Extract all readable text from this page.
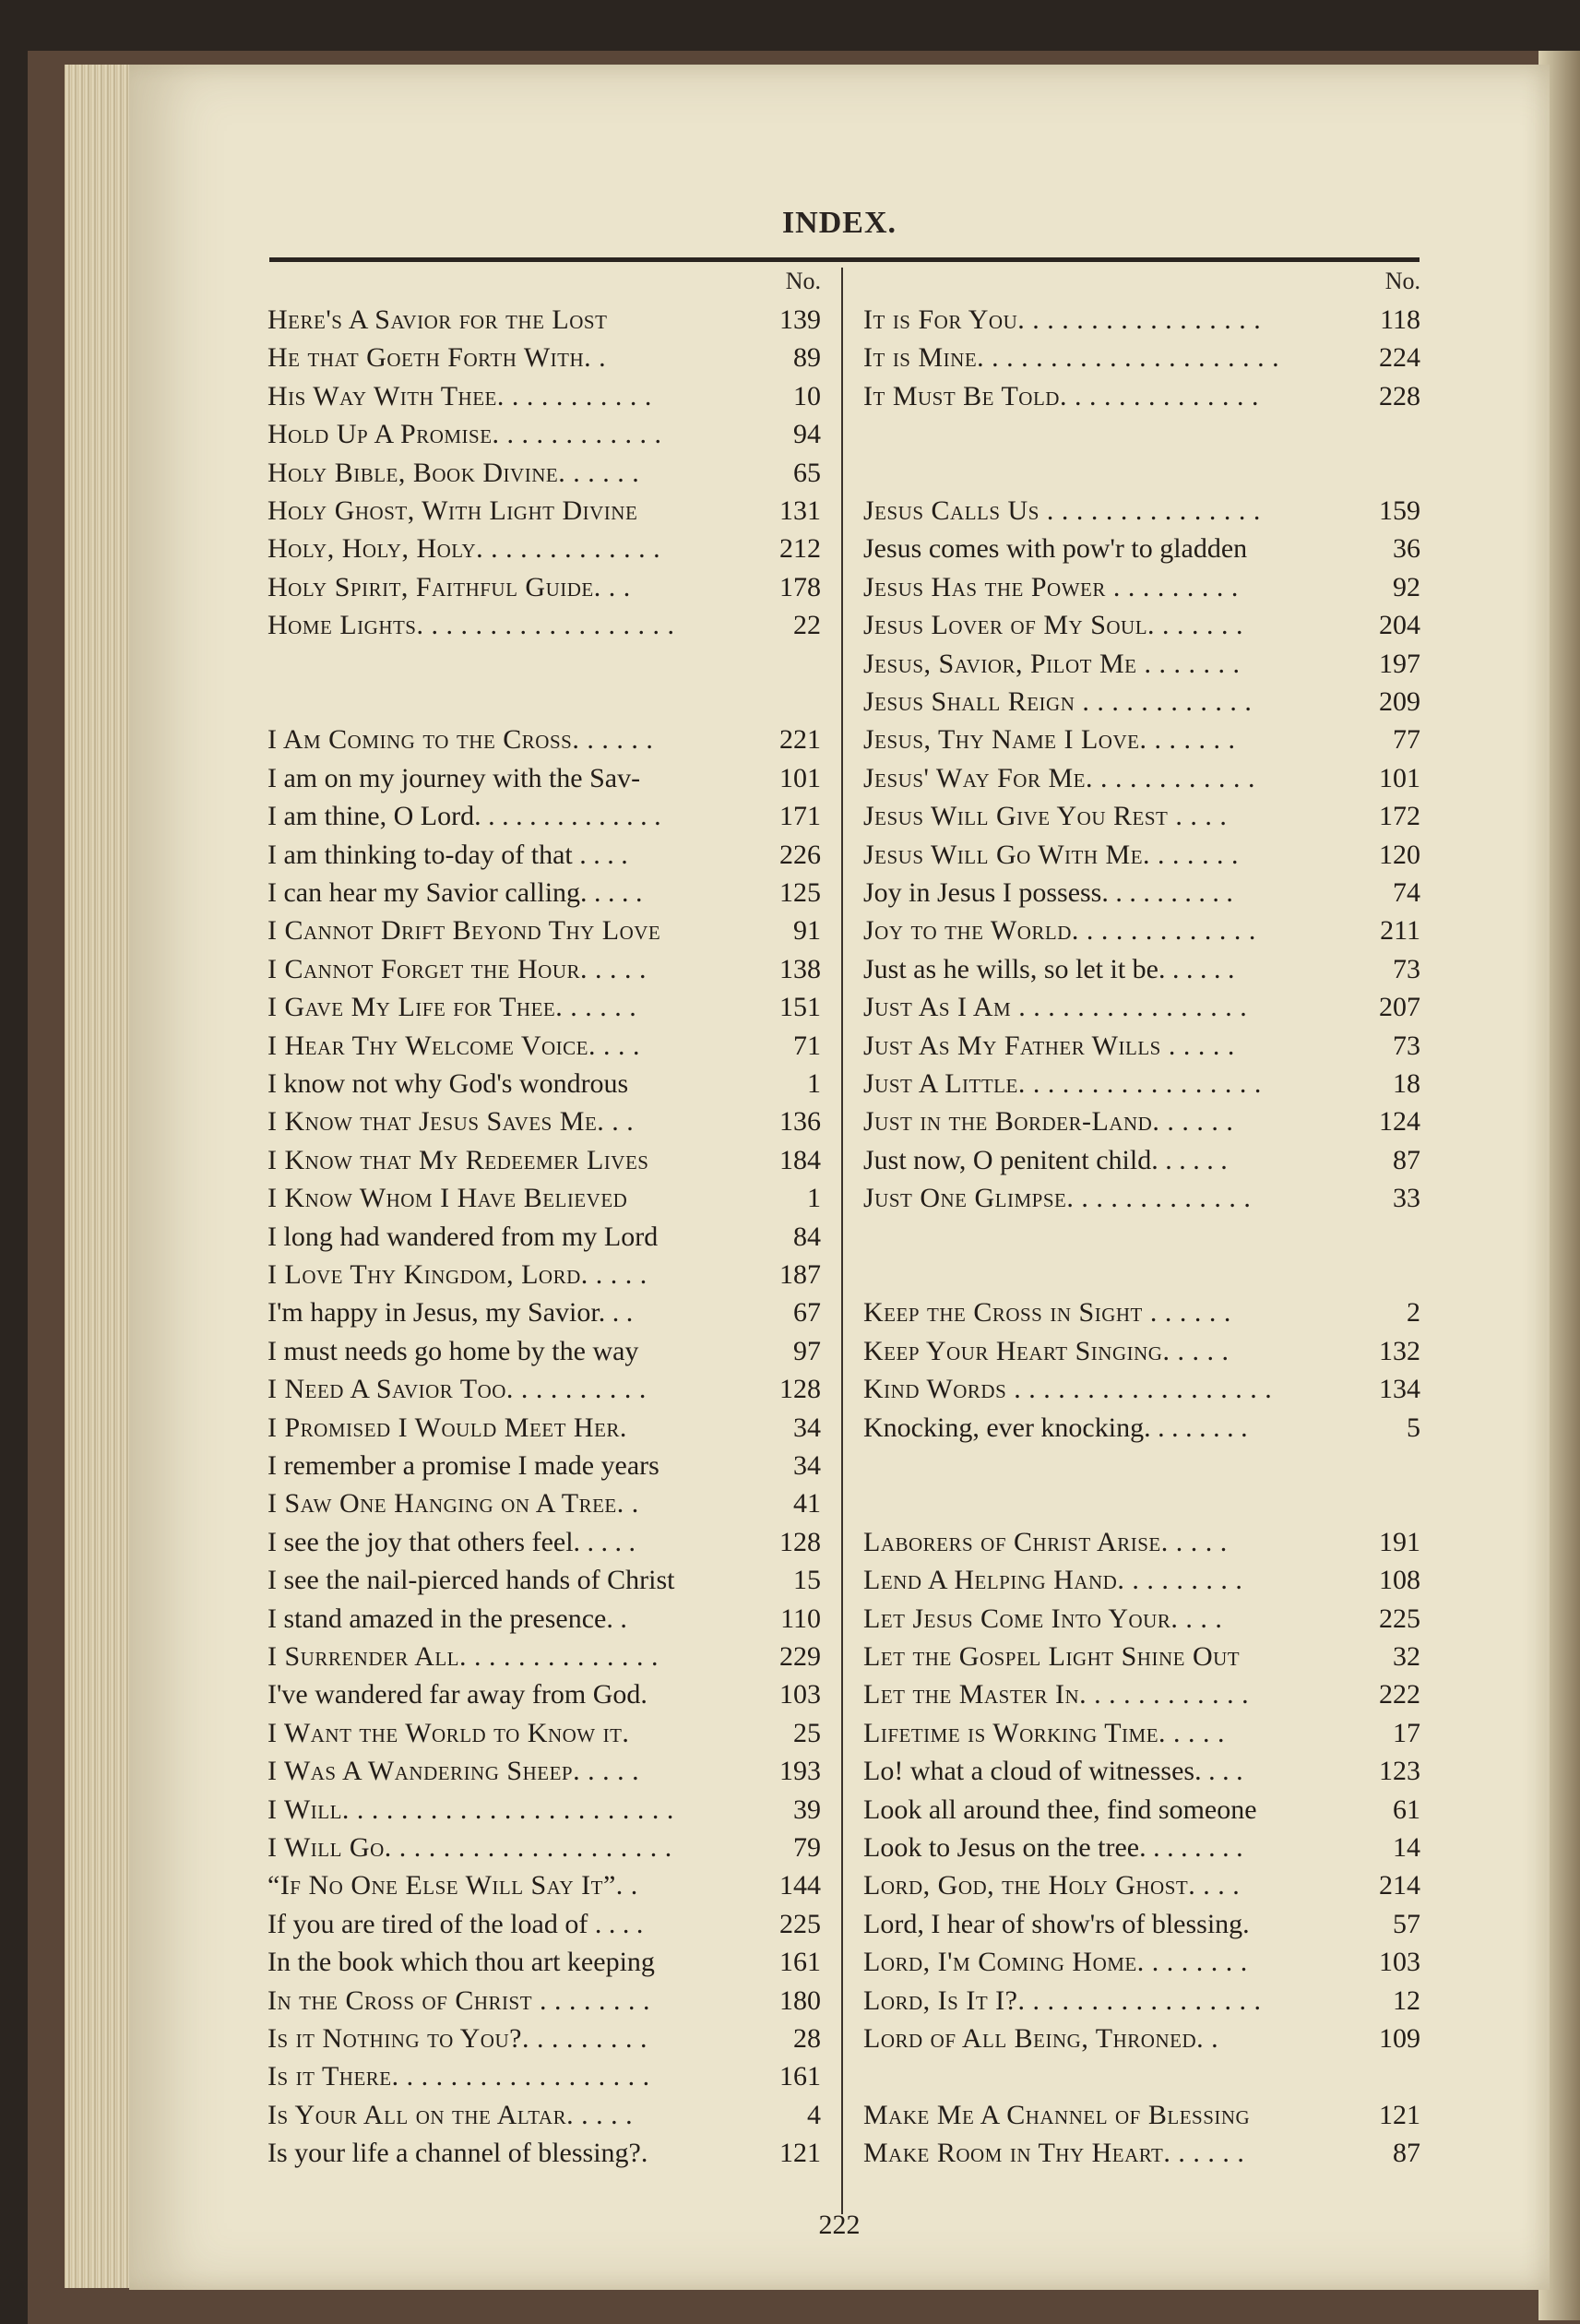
INDEX.
No.	No.
Here's A Savior for the Lost	139
He that Goeth Forth With. .	89
His Way With Thee. . . . . . . . . . .	10
Hold Up A Promise. . . . . . . . . . . .	94
Holy Bible, Book Divine. . . . . .	65
Holy Ghost, With Light Divine	131
Holy, Holy, Holy. . . . . . . . . . . . .	212
Holy Spirit, Faithful Guide. . .	178
Home Lights. . . . . . . . . . . . . . . . . .	22
I Am Coming to the Cross. . . . . .	221
I am on my journey with the Sav-	101
I am thine, O Lord. . . . . . . . . . . . . .	171
I am thinking to-day of that . . . .	226
I can hear my Savior calling. . . . .	125
I Cannot Drift Beyond Thy Love	91
I Cannot Forget the Hour. . . . .	138
I Gave My Life for Thee. . . . . .	151
I Hear Thy Welcome Voice. . . .	71
I know not why God's wondrous	1
I Know that Jesus Saves Me. . .	136
I Know that My Redeemer Lives	184
I Know Whom I Have Believed	1
I long had wandered from my Lord	84
I Love Thy Kingdom, Lord. . . . .	187
I'm happy in Jesus, my Savior. . .	67
I must needs go home by the way	97
I Need A Savior Too. . . . . . . . . .	128
I Promised I Would Meet Her.	34
I remember a promise I made years	34
I Saw One Hanging on A Tree. .	41
I see the joy that others feel. . . . .	128
I see the nail-pierced hands of Christ	15
I stand amazed in the presence. .	110
I Surrender All. . . . . . . . . . . . . .	229
I've wandered far away from God.	103
I Want the World to Know it.	25
I Was A Wandering Sheep. . . . .	193
I Will. . . . . . . . . . . . . . . . . . . . . . .	39
I Will Go. . . . . . . . . . . . . . . . . . . .	79
“If No One Else Will Say It”. .	144
If you are tired of the load of . . . .	225
In the book which thou art keeping	161
In the Cross of Christ . . . . . . . .	180
Is it Nothing to You?. . . . . . . . .	28
Is it There. . . . . . . . . . . . . . . . . .	161
Is Your All on the Altar. . . . .	4
Is your life a channel of blessing?.	121
It is For You. . . . . . . . . . . . . . . . .	118
It is Mine. . . . . . . . . . . . . . . . . . . . .	224
It Must Be Told. . . . . . . . . . . . . .	228
Jesus Calls Us . . . . . . . . . . . . . . .	159
Jesus comes with pow'r to gladden	36
Jesus Has the Power . . . . . . . . .	92
Jesus Lover of My Soul. . . . . . .	204
Jesus, Savior, Pilot Me . . . . . . .	197
Jesus Shall Reign . . . . . . . . . . . .	209
Jesus, Thy Name I Love. . . . . . .	77
Jesus' Way For Me. . . . . . . . . . . .	101
Jesus Will Give You Rest . . . .	172
Jesus Will Go With Me. . . . . . .	120
Joy in Jesus I possess. . . . . . . . . .	74
Joy to the World. . . . . . . . . . . . .	211
Just as he wills, so let it be. . . . . .	73
Just As I Am . . . . . . . . . . . . . . . .	207
Just As My Father Wills . . . . .	73
Just A Little. . . . . . . . . . . . . . . . .	18
Just in the Border-Land. . . . . .	124
Just now, O penitent child. . . . . .	87
Just One Glimpse. . . . . . . . . . . . .	33
Keep the Cross in Sight . . . . . .	2
Keep Your Heart Singing. . . . .	132
Kind Words . . . . . . . . . . . . . . . . . .	134
Knocking, ever knocking. . . . . . . .	5
Laborers of Christ Arise. . . . .	191
Lend A Helping Hand. . . . . . . . .	108
Let Jesus Come Into Your. . . .	225
Let the Gospel Light Shine Out	32
Let the Master In. . . . . . . . . . . .	222
Lifetime is Working Time. . . . .	17
Lo! what a cloud of witnesses. . . .	123
Look all around thee, find someone	61
Look to Jesus on the tree. . . . . . . .	14
Lord, God, the Holy Ghost. . . .	214
Lord, I hear of show'rs of blessing.	57
Lord, I'm Coming Home. . . . . . . .	103
Lord, Is It I?. . . . . . . . . . . . . . . . .	12
Lord of All Being, Throned. .	109
Make Me A Channel of Blessing	121
Make Room in Thy Heart. . . . . .	87
222
